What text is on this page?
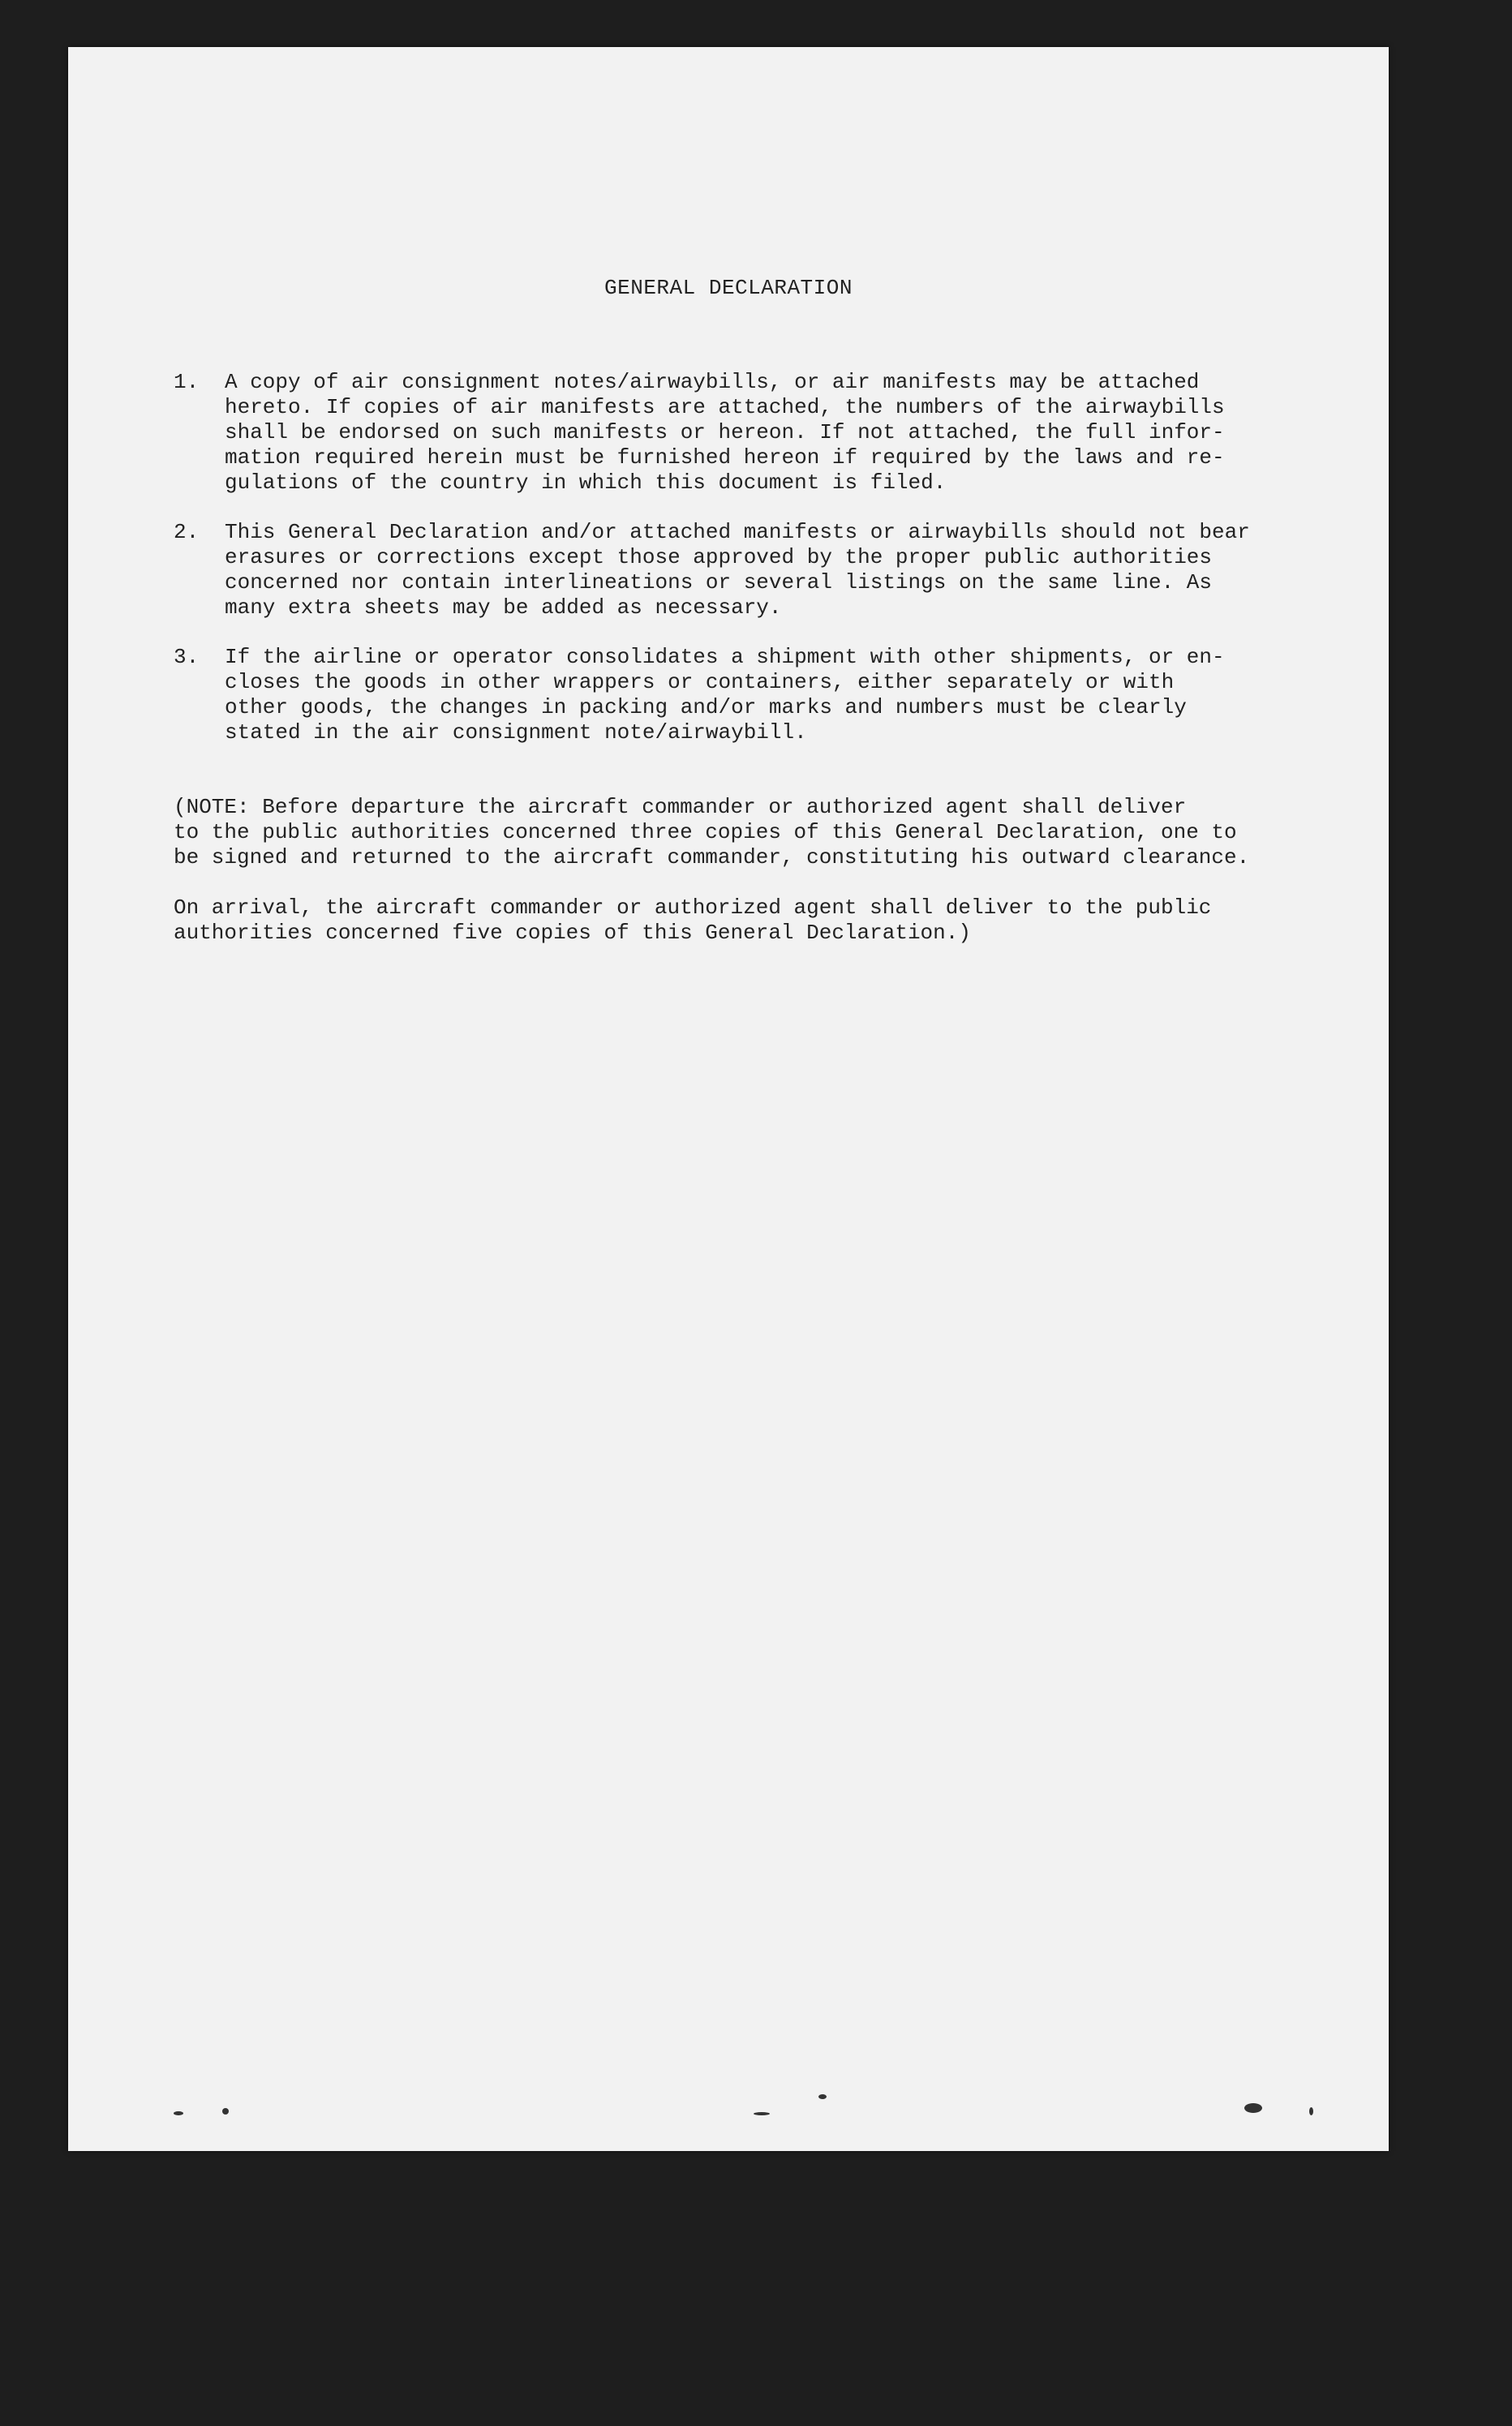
GENERAL DECLARATION
1. A copy of air consignment notes/airwaybills, or air manifests may be attached
hereto. If copies of air manifests are attached, the numbers of the airwaybills
shall be endorsed on such manifests or hereon. If not attached, the full infor-
mation required herein must be furnished hereon if required by the laws and re-
gulations of the country in which this document is filed.
2. This General Declaration and/or attached manifests or airwaybills should not bear
erasures or corrections except those approved by the proper public authorities
concerned nor contain interlineations or several listings on the same line. As
many extra sheets may be added as necessary.
3. If the airline or operator consolidates a shipment with other shipments, or en-
closes the goods in other wrappers or containers, either separately or with
other goods, the changes in packing and/or marks and numbers must be clearly
stated in the air consignment note/airwaybill.
(NOTE: Before departure the aircraft commander or authorized agent shall deliver
to the public authorities concerned three copies of this General Declaration, one to
be signed and returned to the aircraft commander, constituting his outward clearance.
On arrival, the aircraft commander or authorized agent shall deliver to the public
authorities concerned five copies of this General Declaration.)
